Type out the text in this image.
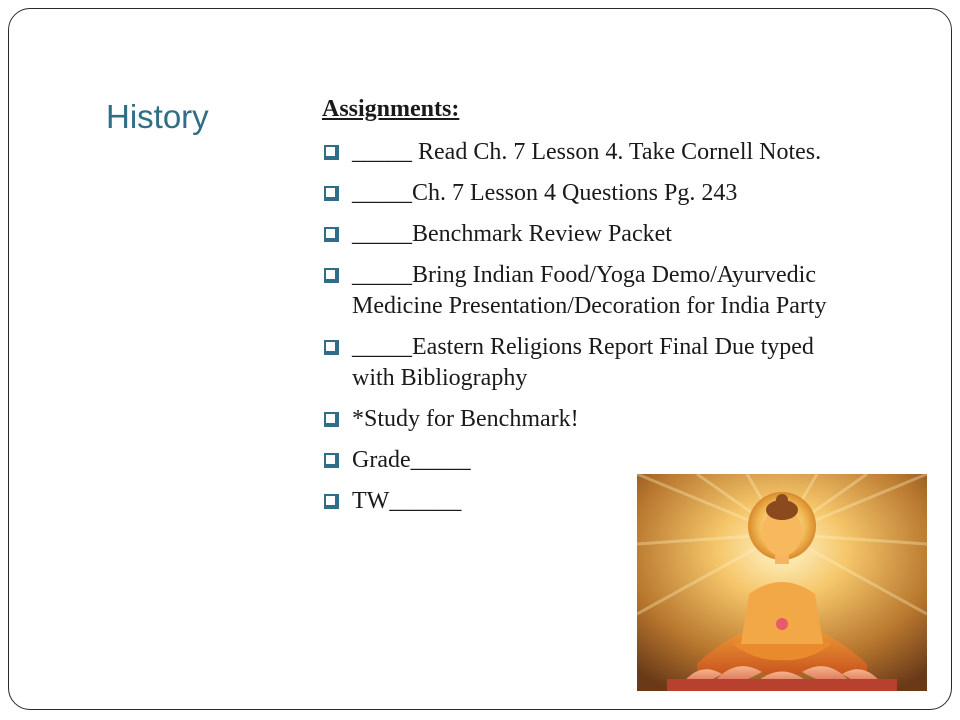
History	Assignments:
_____ Read Ch. 7 Lesson 4. Take Cornell Notes.
_____Ch. 7 Lesson 4 Questions Pg. 243
_____Benchmark Review Packet
_____Bring Indian Food/Yoga Demo/Ayurvedic Medicine Presentation/Decoration for India Party
_____Eastern Religions Report Final Due typed with Bibliography
*Study for Benchmark!
Grade_____
TW______
